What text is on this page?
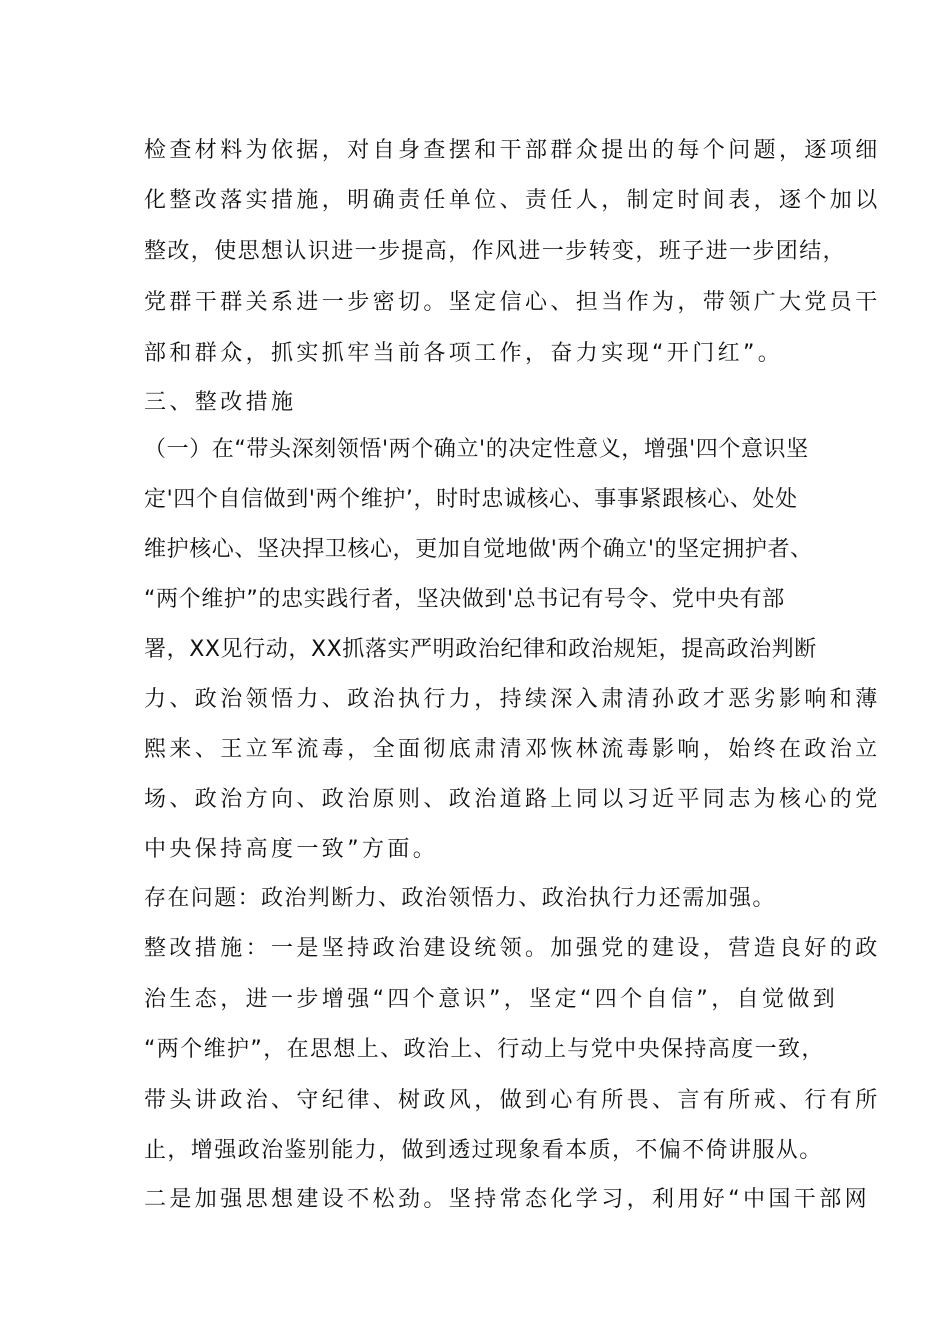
检查材料为依据，对自身查摆和干部群众提出的每个问题，逐项细
化整改落实措施，明确责任单位、责任人，制定时间表，逐个加以
整改，使思想认识进一步提高，作风进一步转变，班子进一步团结，
党群干群关系进一步密切。坚定信心、担当作为，带领广大党员干
部和群众，抓实抓牢当前各项工作，奋力实现“开门红”。
三、整改措施
（一）在“带头深刻领悟'两个确立'的决定性意义，增强'四个意识坚
定'四个自信做到'两个维护’，时时忠诚核心、事事紧跟核心、处处
维护核心、坚决捍卫核心，更加自觉地做'两个确立'的坚定拥护者、
“两个维护”的忠实践行者，坚决做到'总书记有号令、党中央有部
署，XX见行动，XX抓落实严明政治纪律和政治规矩，提高政治判断
力、政治领悟力、政治执行力，持续深入肃清孙政才恶劣影响和薄
熙来、王立军流毒，全面彻底肃清邓恢林流毒影响，始终在政治立
场、政治方向、政治原则、政治道路上同以习近平同志为核心的党
中央保持高度一致”方面。
存在问题：政治判断力、政治领悟力、政治执行力还需加强。
整改措施：一是坚持政治建设统领。加强党的建设，营造良好的政
治生态，进一步增强“四个意识”，坚定“四个自信”，自觉做到
“两个维护”，在思想上、政治上、行动上与党中央保持高度一致，
带头讲政治、守纪律、树政风，做到心有所畏、言有所戒、行有所
止，增强政治鉴别能力，做到透过现象看本质，不偏不倚讲服从。
二是加强思想建设不松劲。坚持常态化学习，利用好“中国干部网
